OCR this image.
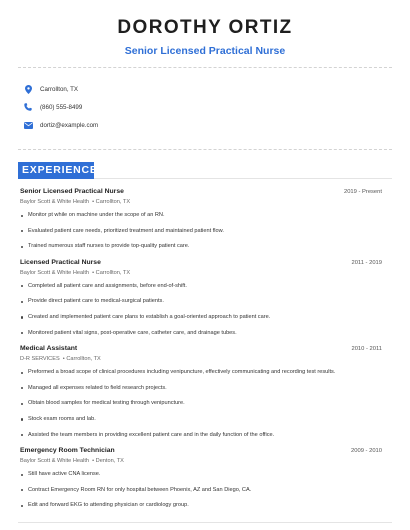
DOROTHY ORTIZ
Senior Licensed Practical Nurse
Carrollton, TX
(860) 555-8499
dortiz@example.com
EXPERIENCE
Senior Licensed Practical Nurse	2019 - Present
Baylor Scott & White Health  • Carrollton, TX
Monitor pt while on machine under the scope of an RN.
Evaluated patient care needs, prioritized treatment and maintained patient flow.
Trained numerous staff nurses to provide top-quality patient care.
Licensed Practical Nurse	2011 - 2019
Baylor Scott & White Health  • Carrollton, TX
Completed all patient care and assignments, before end-of-shift.
Provide direct patient care to medical-surgical patients.
Created and implemented patient care plans to establish a goal-oriented approach to patient care.
Monitored patient vital signs, post-operative care, catheter care, and drainage tubes.
Medical Assistant	2010 - 2011
D-R SERVICES  • Carrollton, TX
Preformed a broad scope of clinical procedures including venipuncture, effectively communicating and recording test results.
Managed all expenses related to field research projects.
Obtain blood samples for medical testing through venipuncture.
Stock exam rooms and lab.
Assisted the team members in providing excellent patient care and in the daily function of the office.
Emergency Room Technician	2009 - 2010
Baylor Scott & White Health  • Denton, TX
Still have active CNA license.
Contract Emergency Room RN for only hospital between Phoenix, AZ and San Diego, CA.
Edit and forward EKG to attending physician or cardiology group.
